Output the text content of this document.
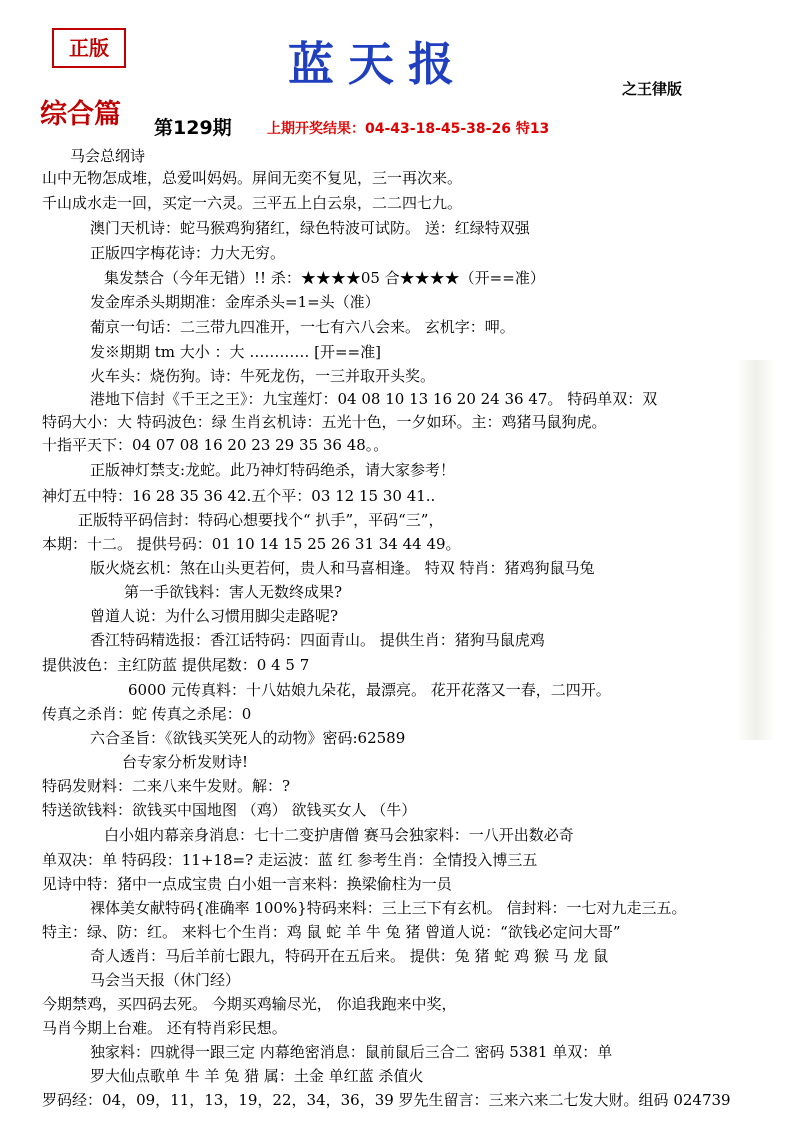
正版	蓝天报	之王律版
综合篇 第129期	上期开奖结果：04-43-18-45-38-26 特13
马会总纲诗
山中无物怎成堆，总爱叫妈妈。屏间无奕不复见，三一再次来。
千山成水走一回，买定一六灵。三平五上白云泉，二二四七九。
澳门天机诗：蛇马猴鸡狗猪红，绿色特波可试防。 送：红绿特双强
正版四字梅花诗：力大无穷。
集发禁合（今年无错）!! 杀：★★★★05 合★★★★（开==准）
发金库杀头期期准：金库杀头=1=头（准）
葡京一句话：二三带九四准开，一七有六八会来。 玄机字：呷。
发※期期 tm 大小 ：大 ………… [开==准]
火车头：烧伤狗。诗：牛死龙伤，一三并取开头奖。
港地下信封《千王之王》：九宝莲灯：04 08 10 13 16 20 24 36 47。 特码单双：双
特码大小：大 特码波色：绿 生肖玄机诗：五光十色，一夕如环。主：鸡猪马鼠狗虎。
十指平天下：04 07 08 16 20 23 29 35 36 48。。
正版神灯禁支:龙蛇。此乃神灯特码绝杀，请大家参考！
神灯五中特：16 28 35 36 42.五个平：03 12 15 30 41..
正版特平码信封：特码心想要找个“ 扒手”，平码“三”，
本期：十二。 提供号码：01 10 14 15 25 26 31 34 44 49。
版火烧玄机：煞在山头更若何，贵人和马喜相逢。 特双 特肖：猪鸡狗鼠马兔
第一手欲钱料：害人无数终成果?
曾道人说：为什么习惯用脚尖走路呢?
香江特码精选报：香江话特码：四面青山。 提供生肖：猪狗马鼠虎鸡
提供波色：主红防蓝 提供尾数：0 4 5 7
6000 元传真料：十八姑娘九朵花，最漂亮。 花开花落又一春，二四开。
传真之杀肖：蛇 传真之杀尾：0
六合圣旨：《欲钱买笑死人的动物》密码:62589
台专家分析发财诗!
特码发财料：二来八来牛发财。解：?
特送欲钱料：欲钱买中国地图 （鸡） 欲钱买女人 （牛）
白小姐内幕亲身消息：七十二变护唐僧 赛马会独家料：一八开出数必奇
单双决：单 特码段：11+18=? 走运波：蓝 红 参考生肖：全情投入博三五
见诗中特：猪中一点成宝贵 白小姐一言来料：换梁偷柱为一员
裸体美女献特码{准确率 100%}特码来料：三上三下有玄机。 信封料：一七对九走三五。
特主：绿、防：红。 来料七个生肖：鸡 鼠 蛇 羊 牛 兔 猪 曾道人说：“欲钱必定问大哥”
奇人透肖：马后羊前七跟九，特码开在五后来。 提供：兔 猪 蛇 鸡 猴 马 龙 鼠
马会当天报（休门经）
今期禁鸡，买四码去死。 今期买鸡输尽光， 你追我跑来中奖，
马肖今期上台难。 还有特肖彩民想。
独家料：四就得一跟三定 内幕绝密消息：鼠前鼠后三合二 密码 5381 单双：单
罗大仙点歌单 牛 羊 兔 猎 属：土金 单红蓝 杀值火
罗码经：04，09，11，13，19，22，34，36，39 罗先生留言：三来六来二七发大财。组码 024739
